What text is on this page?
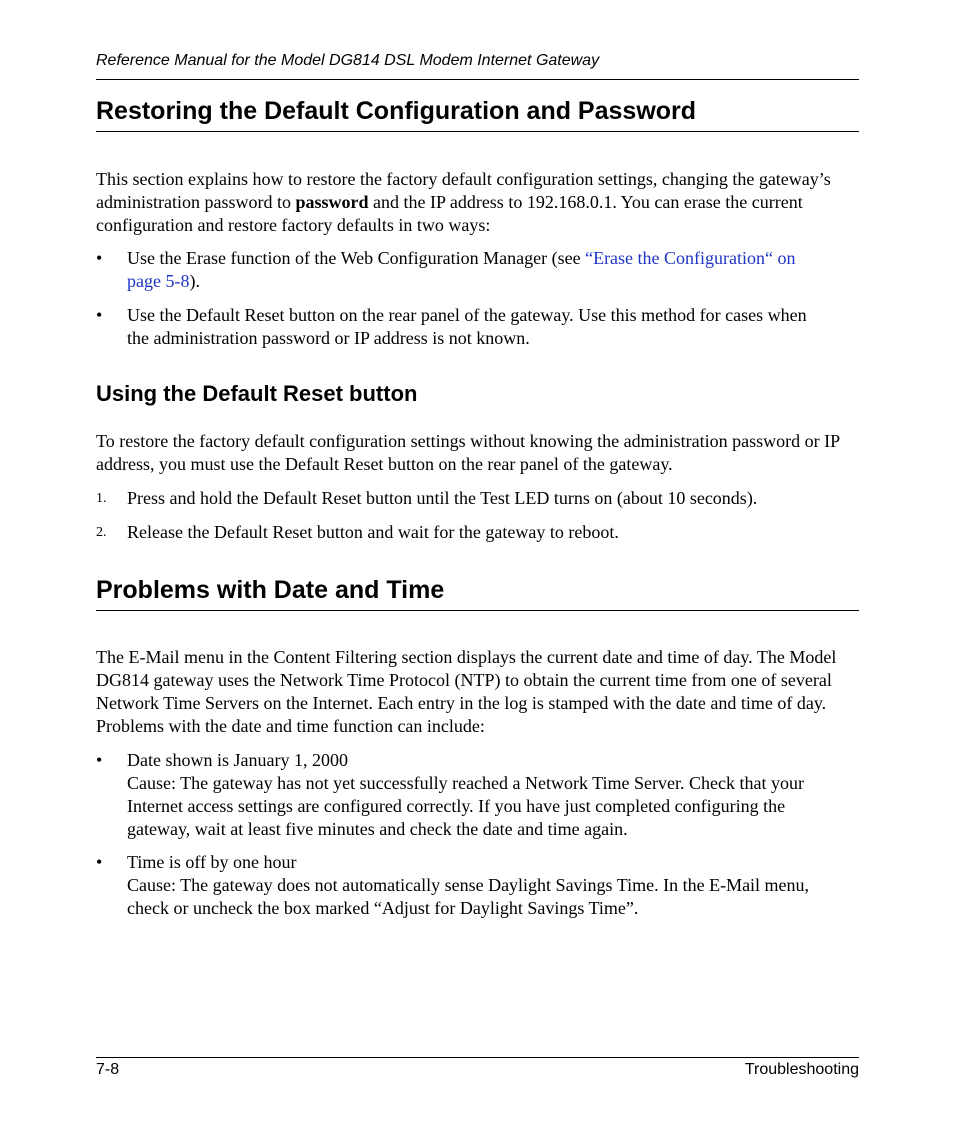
Reference Manual for the Model DG814 DSL Modem Internet Gateway
Restoring the Default Configuration and Password

This section explains how to restore the factory default configuration settings, changing the gateway’s administration password to password and the IP address to 192.168.0.1. You can erase the current configuration and restore factory defaults in two ways:

•	Use the Erase function of the Web Configuration Manager (see “Erase the Configuration“ on
page 5-8).
•	Use the Default Reset button on the rear panel of the gateway. Use this method for cases when
the administration password or IP address is not known.
Using the Default Reset button

To restore the factory default configuration settings without knowing the administration password or IP address, you must use the Default Reset button on the rear panel of the gateway.

1.	Press and hold the Default Reset button until the Test LED turns on (about 10 seconds).
2.	Release the Default Reset button and wait for the gateway to reboot.
Problems with Date and Time

The E-Mail menu in the Content Filtering section displays the current date and time of day. The Model DG814 gateway uses the Network Time Protocol (NTP) to obtain the current time from one of several Network Time Servers on the Internet. Each entry in the log is stamped with the date and time of day. Problems with the date and time function can include:

•	Date shown is January 1, 2000
Cause: The gateway has not yet successfully reached a Network Time Server. Check that your
Internet access settings are configured correctly. If you have just completed configuring the
gateway, wait at least five minutes and check the date and time again.
•	Time is off by one hour
Cause: The gateway does not automatically sense Daylight Savings Time. In the E-Mail menu,
check or uncheck the box marked “Adjust for Daylight Savings Time”.
7-8	Troubleshooting
